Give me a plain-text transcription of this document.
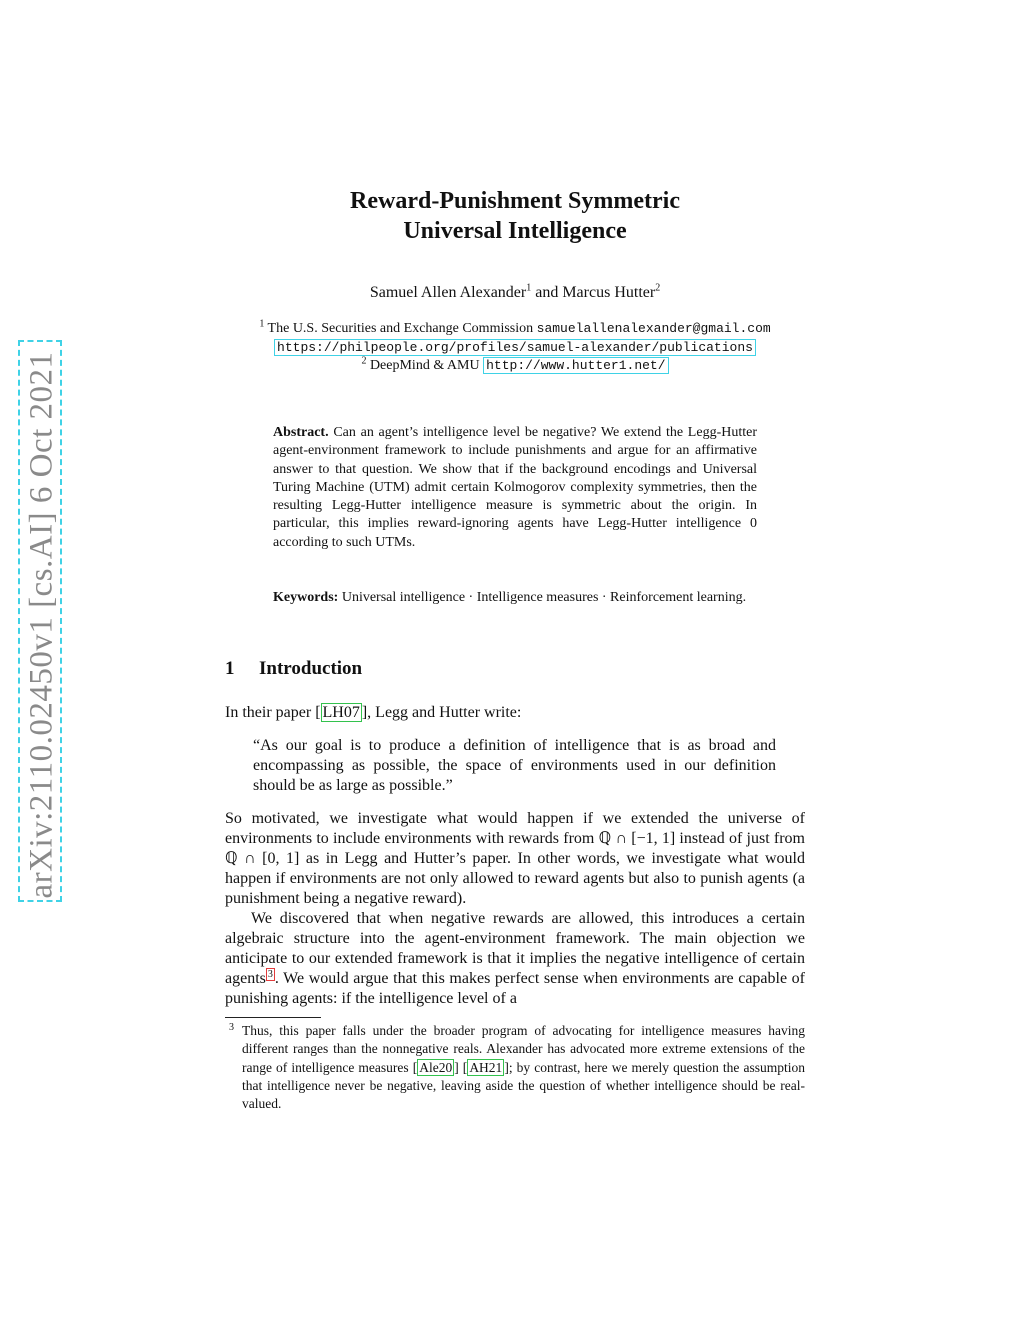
arXiv:2110.02450v1 [cs.AI] 6 Oct 2021
Reward-Punishment Symmetric
Universal Intelligence
Samuel Allen Alexander$^1$ and Marcus Hutter$^2$
$^1$ The U.S. Securities and Exchange Commission samuelallenalexander@gmail.com
https://philpeople.org/profiles/samuel-alexander/publications
$^2$ DeepMind & AMU http://www.hutter1.net/
Abstract. Can an agent’s intelligence level be negative? We extend the Legg-Hutter agent-environment framework to include punishments and argue for an affirmative answer to that question. We show that if the background encodings and Universal Turing Machine (UTM) admit certain Kolmogorov complexity symmetries, then the resulting Legg-Hutter intelligence measure is symmetric about the origin. In particular, this implies reward-ignoring agents have Legg-Hutter intelligence 0 according to such UTMs.
Keywords: Universal intelligence · Intelligence measures · Reinforcement learning.
1 Introduction
In their paper [ LH07 ], Legg and Hutter write:
“As our goal is to produce a definition of intelligence that is as broad and encompassing as possible, the space of environments used in our definition should be as large as possible.”
So motivated, we investigate what would happen if we extended the universe of environments to include environments with rewards from ℚ ∩ [−1, 1] instead of just from ℚ ∩ [0, 1] as in Legg and Hutter’s paper. In other words, we investigate what would happen if environments are not only allowed to reward agents but also to punish agents (a punishment being a negative reward).
We discovered that when negative rewards are allowed, this introduces a certain algebraic structure into the agent-environment framework. The main objection we anticipate to our extended framework is that it implies the negative intelligence of certain agents $^3$ . We would argue that this makes perfect sense when environments are capable of punishing agents: if the intelligence level of a
3 Thus, this paper falls under the broader program of advocating for intelligence measures having different ranges than the nonnegative reals. Alexander has advocated more extreme extensions of the range of intelligence measures [ Ale20 ] [ AH21 ]; by contrast, here we merely question the assumption that intelligence never be negative, leaving aside the question of whether intelligence should be real-valued.
